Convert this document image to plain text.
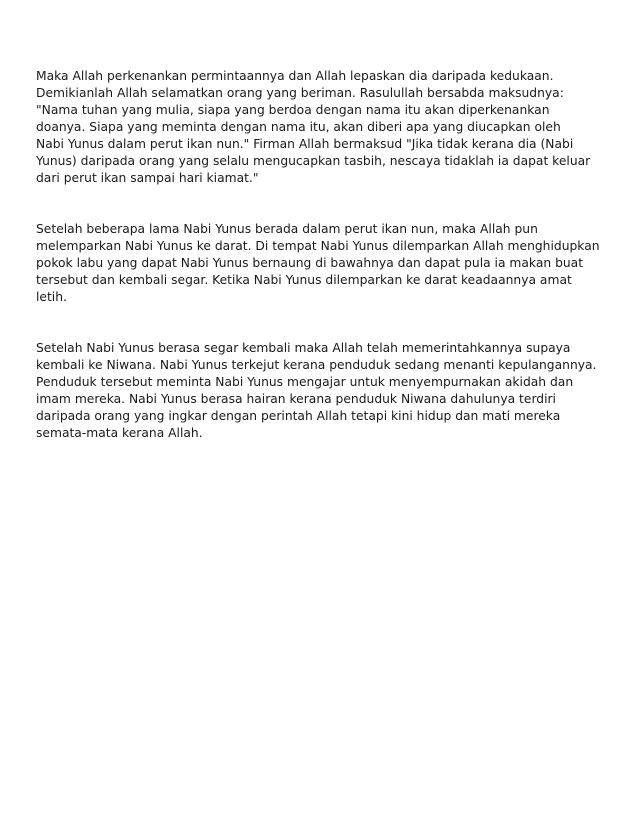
Maka Allah perkenankan permintaannya dan Allah lepaskan dia daripada kedukaan.
Demikianlah Allah selamatkan orang yang beriman. Rasulullah bersabda maksudnya:
"Nama tuhan yang mulia, siapa yang berdoa dengan nama itu akan diperkenankan
doanya. Siapa yang meminta dengan nama itu, akan diberi apa yang diucapkan oleh
Nabi Yunus dalam perut ikan nun." Firman Allah bermaksud "Jika tidak kerana dia (Nabi
Yunus) daripada orang yang selalu mengucapkan tasbih, nescaya tidaklah ia dapat keluar
dari perut ikan sampai hari kiamat."

Setelah beberapa lama Nabi Yunus berada dalam perut ikan nun, maka Allah pun
melemparkan Nabi Yunus ke darat. Di tempat Nabi Yunus dilemparkan Allah menghidupkan
pokok labu yang dapat Nabi Yunus bernaung di bawahnya dan dapat pula ia makan buat
tersebut dan kembali segar. Ketika Nabi Yunus dilemparkan ke darat keadaannya amat
letih.

Setelah Nabi Yunus berasa segar kembali maka Allah telah memerintahkannya supaya
kembali ke Niwana. Nabi Yunus terkejut kerana penduduk sedang menanti kepulangannya.
Penduduk tersebut meminta Nabi Yunus mengajar untuk menyempurnakan akidah dan
imam mereka. Nabi Yunus berasa hairan kerana penduduk Niwana dahulunya terdiri
daripada orang yang ingkar dengan perintah Allah tetapi kini hidup dan mati mereka
semata-mata kerana Allah.
